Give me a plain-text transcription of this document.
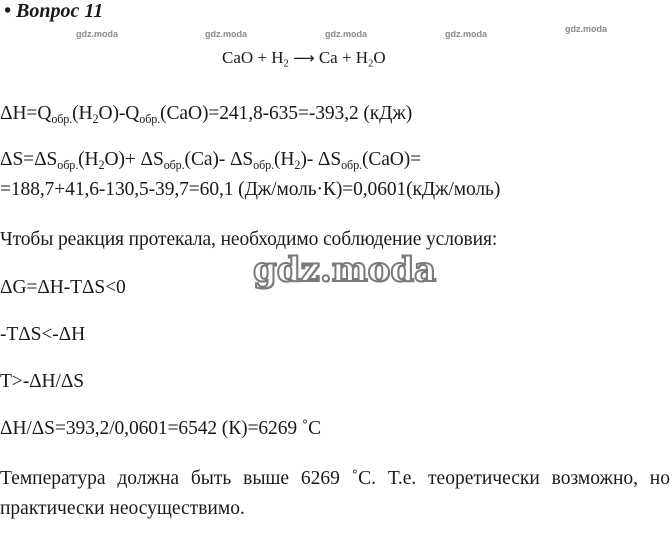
• Вопрос 11
gdz.moda	gdz.moda	gdz.moda	gdz.moda	gdz.moda
CaO + $H_2$ ⟶ $Ca + H_2O$
$\Delta H=Q_{обр.}(H_2O)-Q_{обр.}(CaO)=241,8-635=-393,2$ (кДж)
$\Delta S=\Delta S_{обр.}(H_2O)+ \Delta S_{обр.}(Ca)-$ $\Delta S_{обр.}(H_2)-$ $\Delta S_{обр.}(CaO)=$
=188,7+41,6-130,5-39,7=60,1 (Дж/моль·К)=0,0601(кДж/моль)
Чтобы реакция протекала, необходимо соблюдение условия:
gdz.moda
ΔG=ΔH-TΔS<0
-TΔS<-ΔH
T>-ΔH/ΔS
ΔH/ΔS=393,2/0,0601=6542 (К)=6269 ˚С
Температура должна быть выше 6269 ˚С. Т.е. теоретически возможно, но практически неосуществимо.
